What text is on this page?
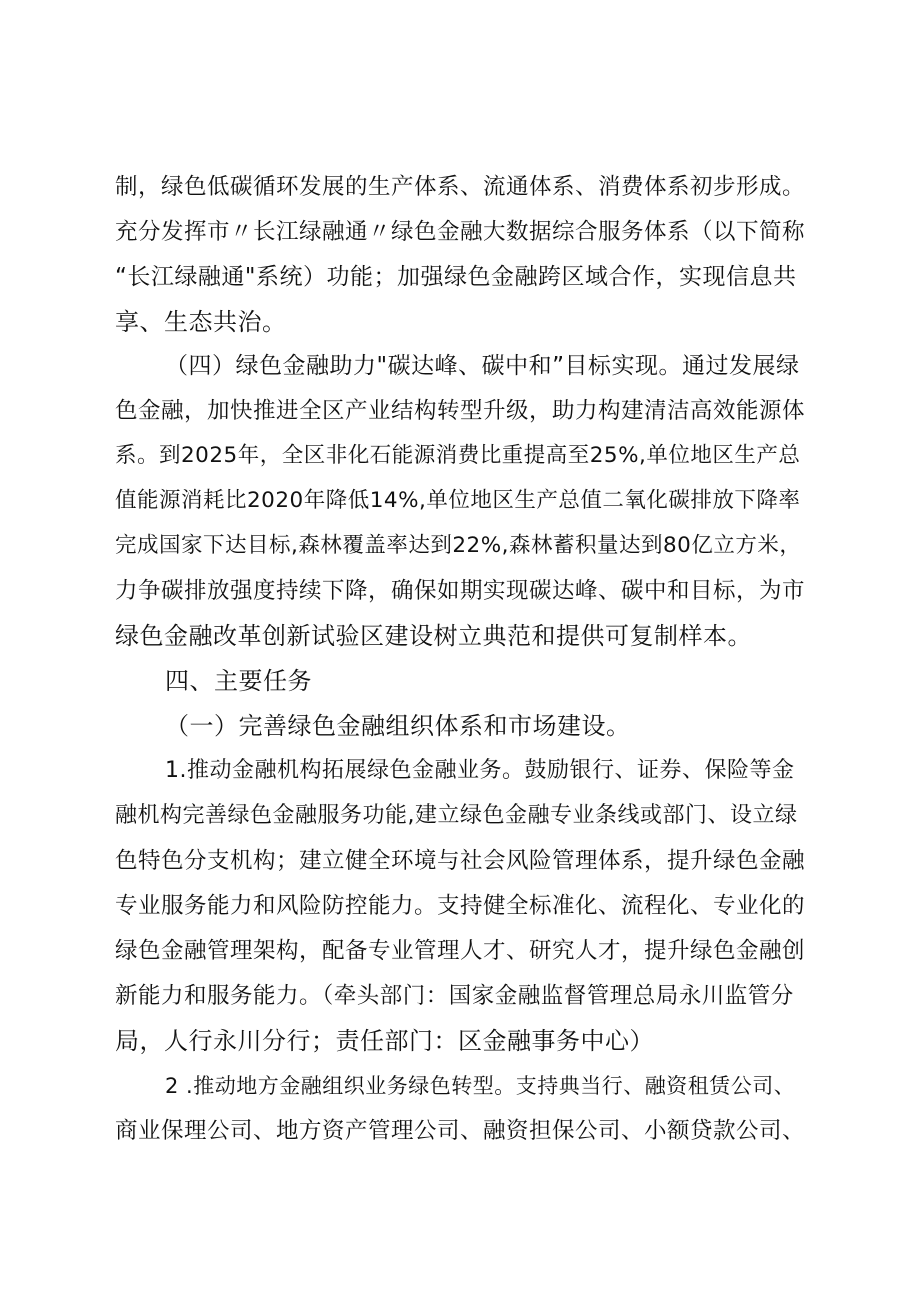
制，绿色低碳循环发展的生产体系、流通体系、消费体系初步形成。
充分发挥市〃长江绿融通〃绿色金融大数据综合服务体系（以下简称
“长江绿融通"系统）功能；加强绿色金融跨区域合作，实现信息共
享、生态共治。
（四）绿色金融助力"碳达峰、碳中和”目标实现。通过发展绿
色金融，加快推进全区产业结构转型升级，助力构建清洁高效能源体
系。到2025年，全区非化石能源消费比重提高至25%,单位地区生产总
值能源消耗比2020年降低14%,单位地区生产总值二氧化碳排放下降率
完成国家下达目标,森林覆盖率达到22%,森林蓄积量达到80亿立方米，
力争碳排放强度持续下降，确保如期实现碳达峰、碳中和目标，为市
绿色金融改革创新试验区建设树立典范和提供可复制样本。
四、主要任务
（一）完善绿色金融组织体系和市场建设。
1.推动金融机构拓展绿色金融业务。鼓励银行、证券、保险等金
融机构完善绿色金融服务功能,建立绿色金融专业条线或部门、设立绿
色特色分支机构；建立健全环境与社会风险管理体系，提升绿色金融
专业服务能力和风险防控能力。支持健全标准化、流程化、专业化的
绿色金融管理架构，配备专业管理人才、研究人才，提升绿色金融创
新能力和服务能力。（牵头部门：国家金融监督管理总局永川监管分
局，人行永川分行；责任部门：区金融事务中心）
2 .推动地方金融组织业务绿色转型。支持典当行、融资租赁公司、
商业保理公司、地方资产管理公司、融资担保公司、小额贷款公司、
